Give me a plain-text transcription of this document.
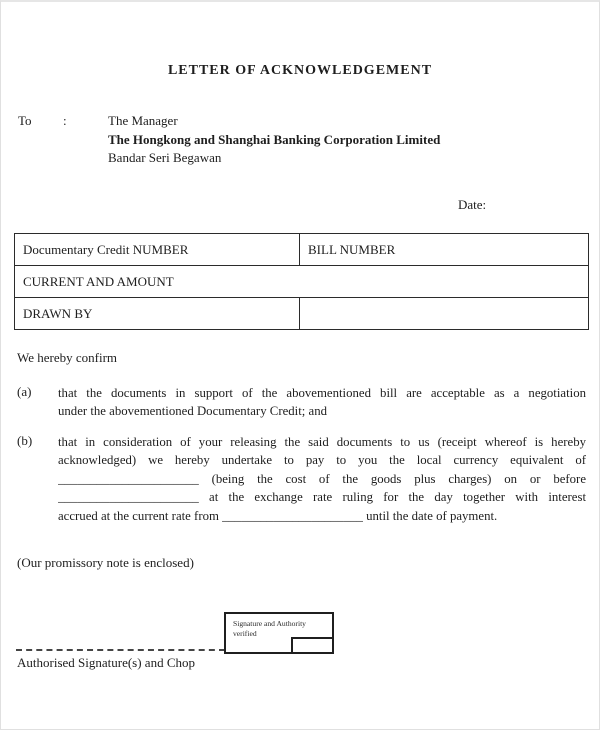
LETTER OF ACKNOWLEDGEMENT
To	:	The Manager
The Hongkong and Shanghai Banking Corporation Limited
Bandar Seri Begawan
Date:
Documentary Credit NUMBER	BILL NUMBER
CURRENT AND AMOUNT	
DRAWN BY	
We hereby confirm
(a) that the documents in support of the abovementioned bill are acceptable as a negotiation
under the abovementioned Documentary Credit; and
(b) that in consideration of your releasing the said documents to us (receipt whereof is hereby
acknowledged) we hereby undertake to pay to you the local currency equivalent of
______________________ (being the cost of the goods plus charges) on or before
______________________ at the exchange rate ruling for the day together with interest
accrued at the current rate from ______________________ until the date of payment.
(Our promissory note is enclosed)
Signature and Authority verified
Authorised Signature(s) and Chop
